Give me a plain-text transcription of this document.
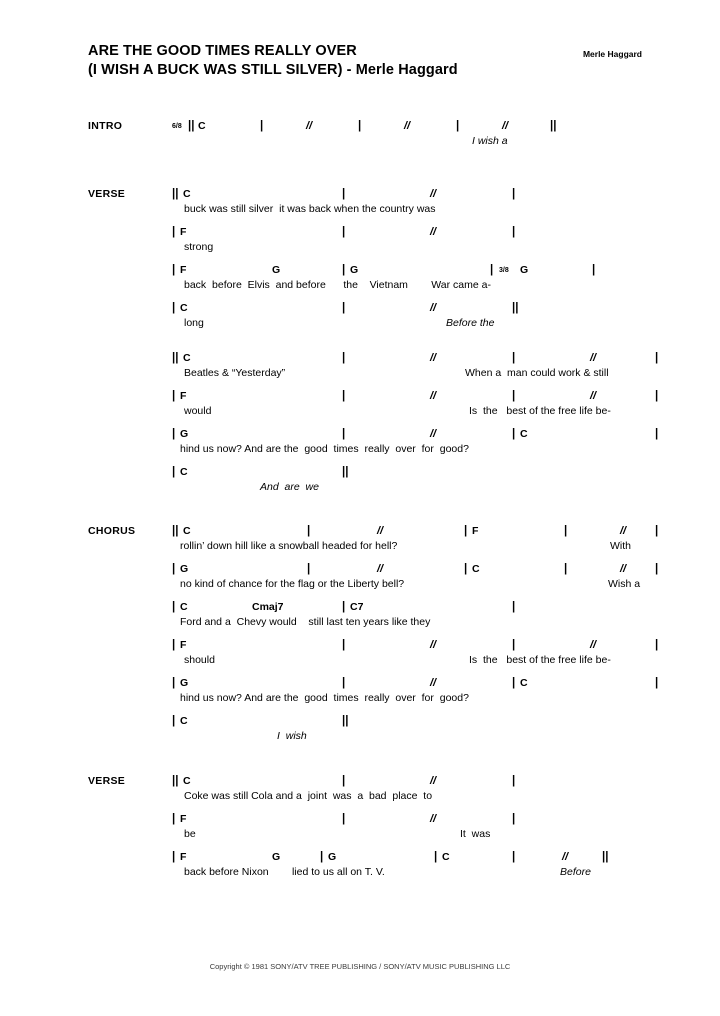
ARE THE GOOD TIMES REALLY OVER
(I WISH A BUCK WAS STILL SILVER) - Merle Haggard
Merle Haggard
INTRO	6/8 || C	|	//	|	//	|	//	||
I wish a
VERSE	|| C	|	//	|
buck was still silver  it was back when the country was
| F	|	//	|
strong
| F	G	| G	| 3/8 G	|
back  before  Elvis  and before      the    Vietnam        War came a-
| C	|	//	||
long	Before the
|| C	|	//	|	//	|
Beatles & “Yesterday”	When a  man could work & still
| F	|	//	|	//	|
would	Is  the   best of the free life be-
| G	|	//	| C	|
hind us now? And are the  good  times  really  over  for  good?
| C	||
And  are  we
CHORUS	|| C	|	//	| F	|	//	|
rollin’ down hill like a snowball headed for hell?	With
| G	|	//	| C	|	//	|
no kind of chance for the flag or the Liberty bell?	Wish a
| C	Cmaj7	| C7	|
Ford and a  Chevy would    still last ten years like they
| F	|	//	|	//	|
should	Is  the   best of the free life be-
| G	|	//	| C	|
hind us now? And are the  good  times  really  over  for  good?
| C	||
I  wish
VERSE	|| C	|	//	|
Coke was still Cola and a  joint  was  a  bad  place  to
| F	|	//	|
be	It  was
| F	G	| G	| C	|	//	||
back before Nixon        lied to us all on T. V.	Before
Copyright © 1981 SONY/ATV TREE PUBLISHING / SONY/ATV MUSIC PUBLISHING LLC
